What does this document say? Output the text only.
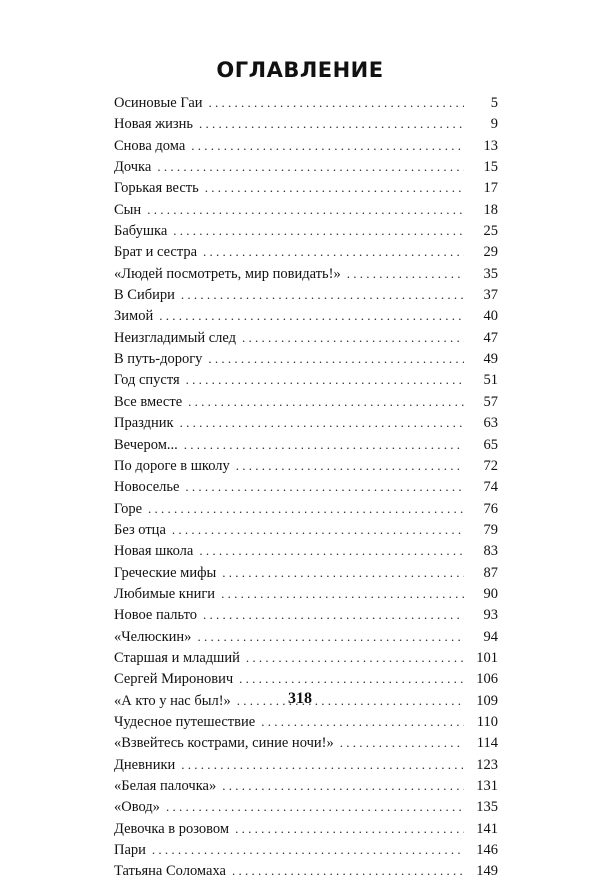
ОГЛАВЛЕНИЕ
Осиновые Гаи . . .	5
Новая жизнь . . .	9
Снова дома . . .	13
Дочка . . .	15
Горькая весть . . .	17
Сын . . .	18
Бабушка . . .	25
Брат и сестра . . .	29
«Людей посмотреть, мир повидать!» . . .	35
В Сибири . . .	37
Зимой . . .	40
Неизгладимый след . . .	47
В путь-дорогу . . .	49
Год спустя . . .	51
Все вместе . . .	57
Праздник . . .	63
Вечером... . . .	65
По дороге в школу . . .	72
Новоселье . . .	74
Горе . . .	76
Без отца . . .	79
Новая школа . . .	83
Греческие мифы . . .	87
Любимые книги . . .	90
Новое пальто . . .	93
«Челюскин» . . .	94
Старшая и младший . . .	101
Сергей Миронович . . .	106
«А кто у нас был!» . . .	109
Чудесное путешествие . . .	110
«Взвейтесь кострами, синие ночи!» . . .	114
Дневники . . .	123
«Белая палочка» . . .	131
«Овод» . . .	135
Девочка в розовом . . .	141
Пари . . .	146
Татьяна Соломаха . . .	149
318
